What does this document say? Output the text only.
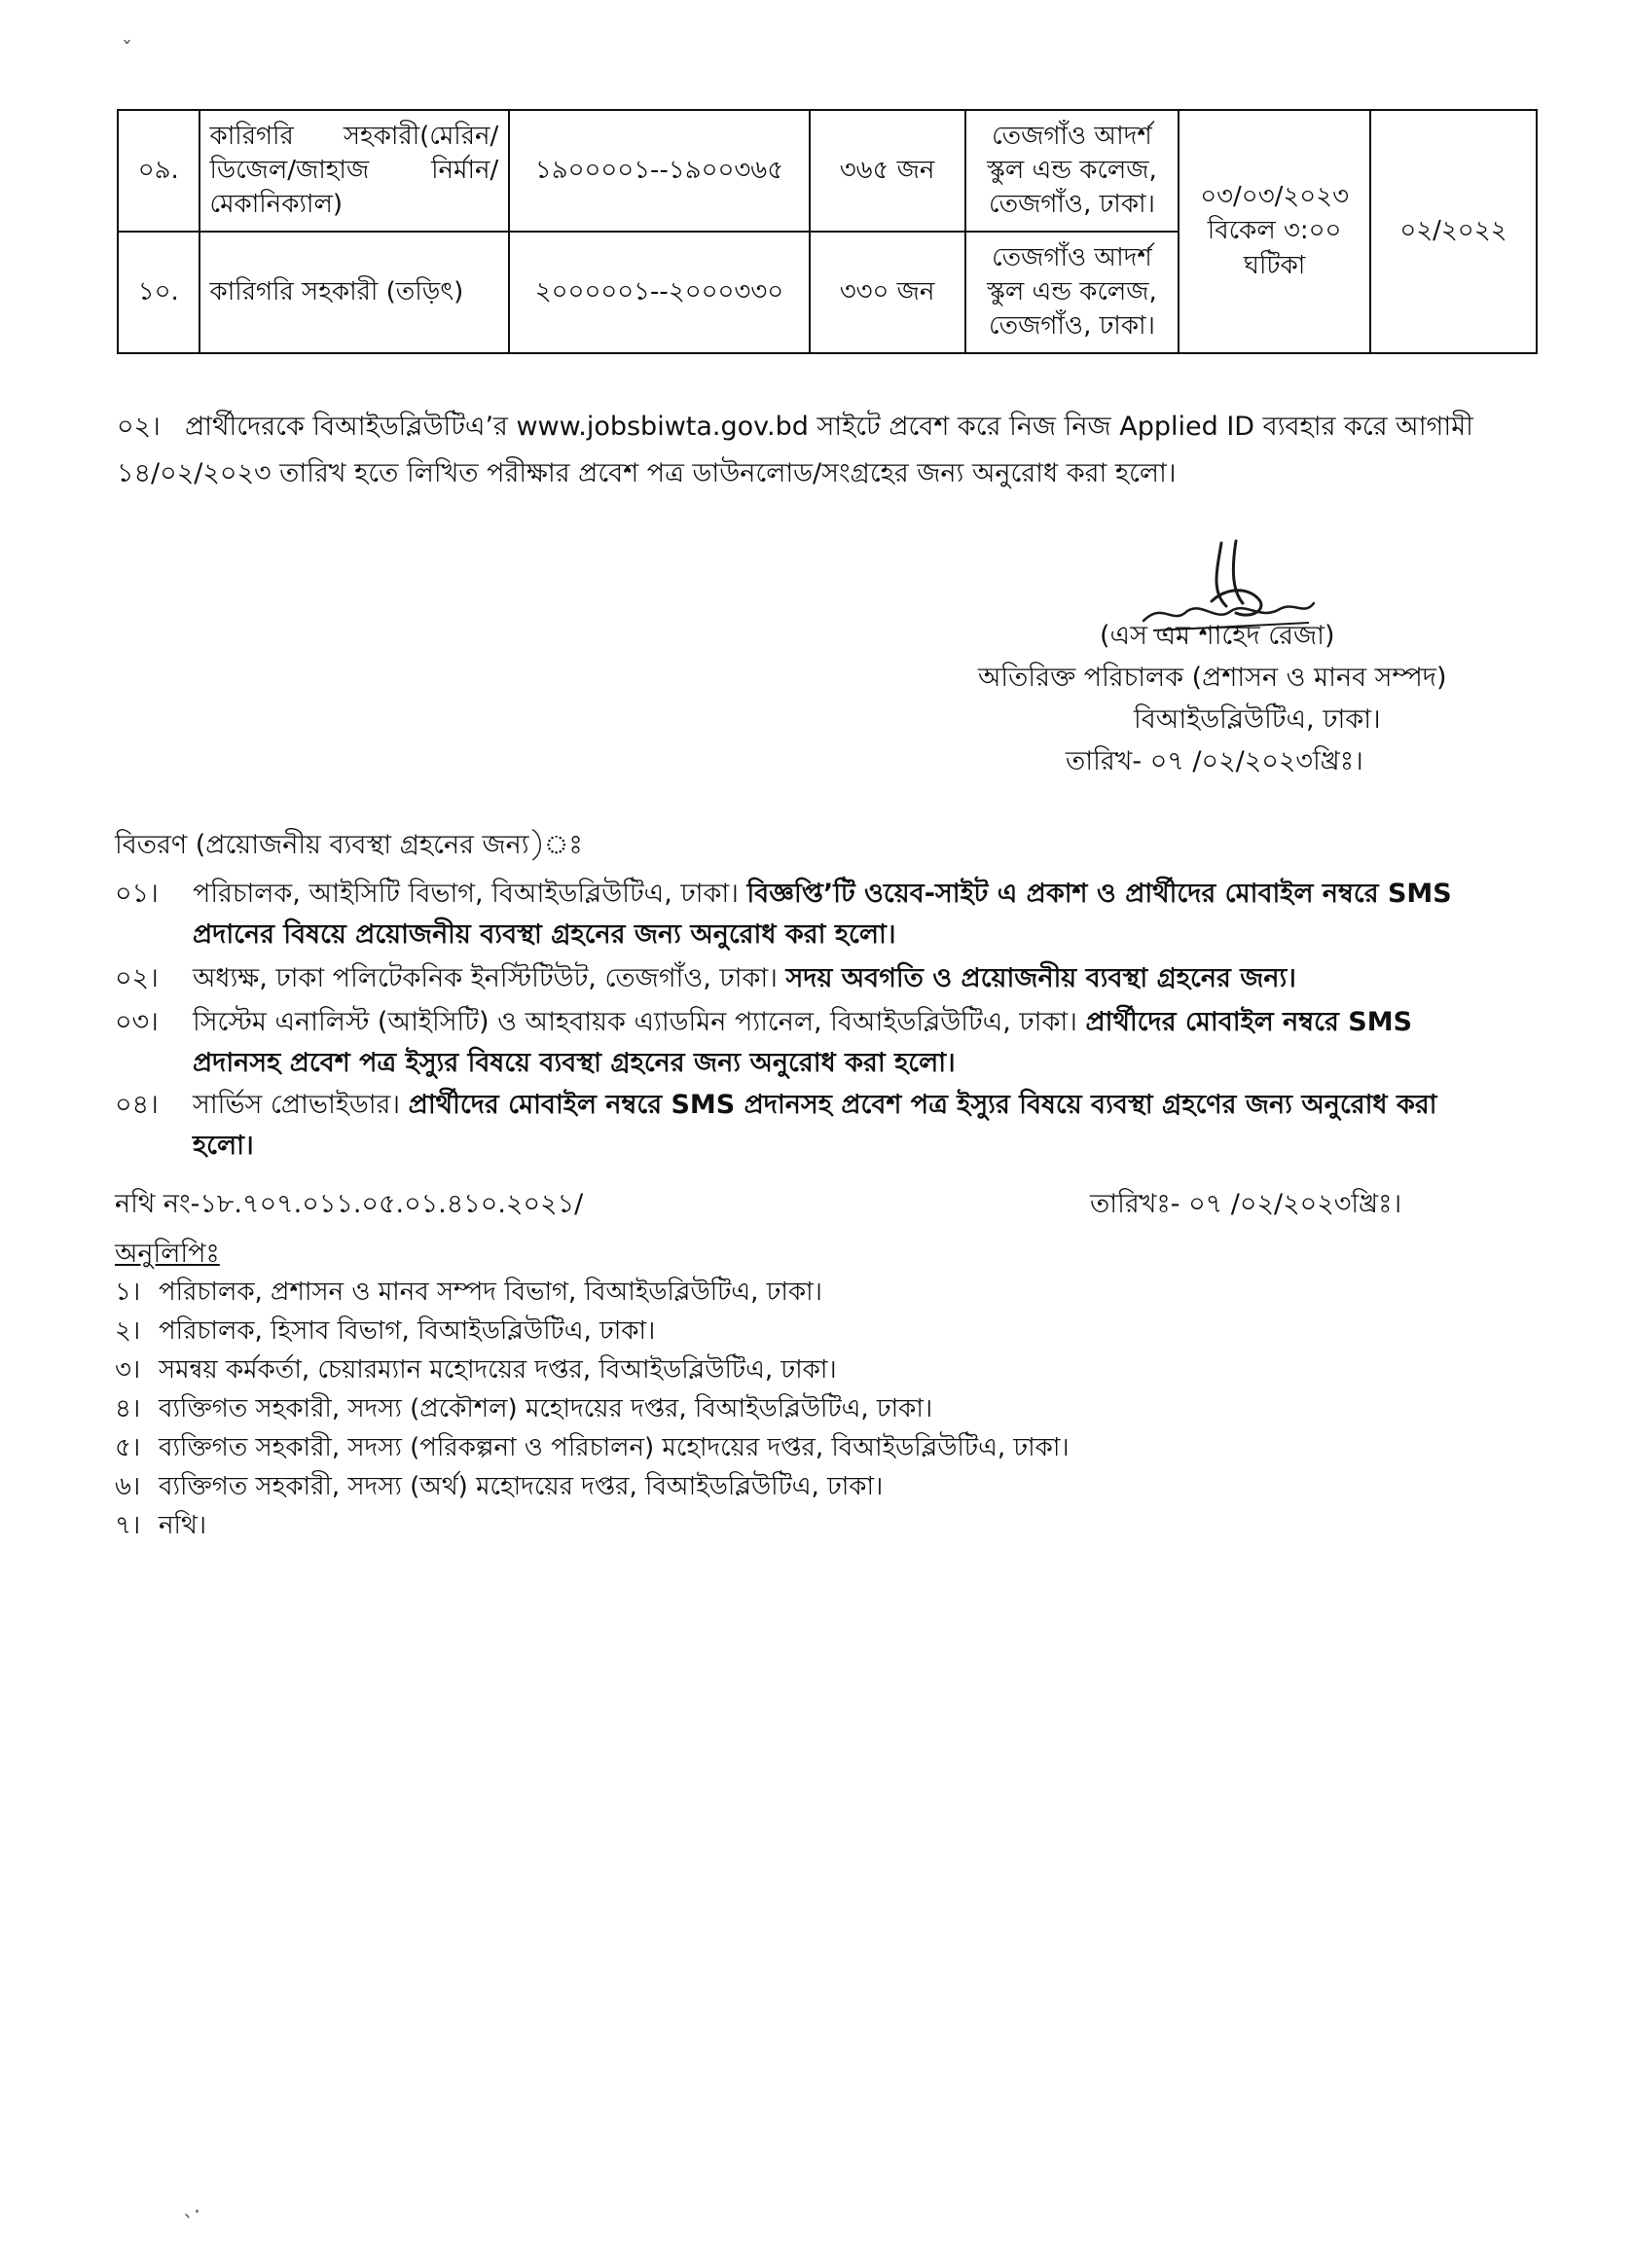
ˇ
ˎ.
০৯.	কারিগরি সহকারী(মেরিন/ ডিজেল/জাহাজ নির্মান/ মেকানিক্যাল)	১৯০০০০১--১৯০০৩৬৫	৩৬৫ জন	তেজগাঁও আদর্শ স্কুল এন্ড কলেজ, তেজগাঁও, ঢাকা।	০৩/০৩/২০২৩ বিকেল ৩:০০ ঘটিকা	০২/২০২২
১০.	কারিগরি সহকারী (তড়িৎ)	২০০০০০১--২০০০৩৩০	৩৩০ জন	তেজগাঁও আদর্শ স্কুল এন্ড কলেজ, তেজগাঁও, ঢাকা।		
০২। প্রার্থীদেরকে বিআইডব্লিউটিএ’র www.jobsbiwta.gov.bd সাইটে প্রবেশ করে নিজ নিজ Applied ID ব্যবহার করে আগামী ১৪/০২/২০২৩ তারিখ হতে লিখিত পরীক্ষার প্রবেশ পত্র ডাউনলোড/সংগ্রহের জন্য অনুরোধ করা হলো।
(এস এম শাহেদ রেজা)
অতিরিক্ত পরিচালক (প্রশাসন ও মানব সম্পদ)
বিআইডব্লিউটিএ, ঢাকা।
তারিখ- ০৭ /০২/২০২৩খ্রিঃ।
বিতরণ (প্রয়োজনীয় ব্যবস্থা গ্রহনের জন্য)ঃ
০১। পরিচালক, আইসিটি বিভাগ, বিআইডব্লিউটিএ, ঢাকা। বিজ্ঞপ্তি’টি ওয়েব-সাইট এ প্রকাশ ও প্রার্থীদের মোবাইল নম্বরে SMS প্রদানের বিষয়ে প্রয়োজনীয় ব্যবস্থা গ্রহনের জন্য অনুরোধ করা হলো।
০২। অধ্যক্ষ, ঢাকা পলিটেকনিক ইনস্টিটিউট, তেজগাঁও, ঢাকা। সদয় অবগতি ও প্রয়োজনীয় ব্যবস্থা গ্রহনের জন্য।
০৩। সিস্টেম এনালিস্ট (আইসিটি) ও আহবায়ক এ্যাডমিন প্যানেল, বিআইডব্লিউটিএ, ঢাকা। প্রার্থীদের মোবাইল নম্বরে SMS প্রদানসহ প্রবেশ পত্র ইস্যুর বিষয়ে ব্যবস্থা গ্রহনের জন্য অনুরোধ করা হলো।
০৪। সার্ভিস প্রোভাইডার। প্রার্থীদের মোবাইল নম্বরে SMS প্রদানসহ প্রবেশ পত্র ইস্যুর বিষয়ে ব্যবস্থা গ্রহণের জন্য অনুরোধ করা হলো।
নথি নং-১৮.৭০৭.০১১.০৫.০১.৪১০.২০২১/	তারিখঃ- ০৭ /০২/২০২৩খ্রিঃ।
অনুলিপিঃ
১। পরিচালক, প্রশাসন ও মানব সম্পদ বিভাগ, বিআইডব্লিউটিএ, ঢাকা।
২। পরিচালক, হিসাব বিভাগ, বিআইডব্লিউটিএ, ঢাকা।
৩। সমন্বয় কর্মকর্তা, চেয়ারম্যান মহোদয়ের দপ্তর, বিআইডব্লিউটিএ, ঢাকা।
৪। ব্যক্তিগত সহকারী, সদস্য (প্রকৌশল) মহোদয়ের দপ্তর, বিআইডব্লিউটিএ, ঢাকা।
৫। ব্যক্তিগত সহকারী, সদস্য (পরিকল্পনা ও পরিচালন) মহোদয়ের দপ্তর, বিআইডব্লিউটিএ, ঢাকা।
৬। ব্যক্তিগত সহকারী, সদস্য (অর্থ) মহোদয়ের দপ্তর, বিআইডব্লিউটিএ, ঢাকা।
৭। নথি।
